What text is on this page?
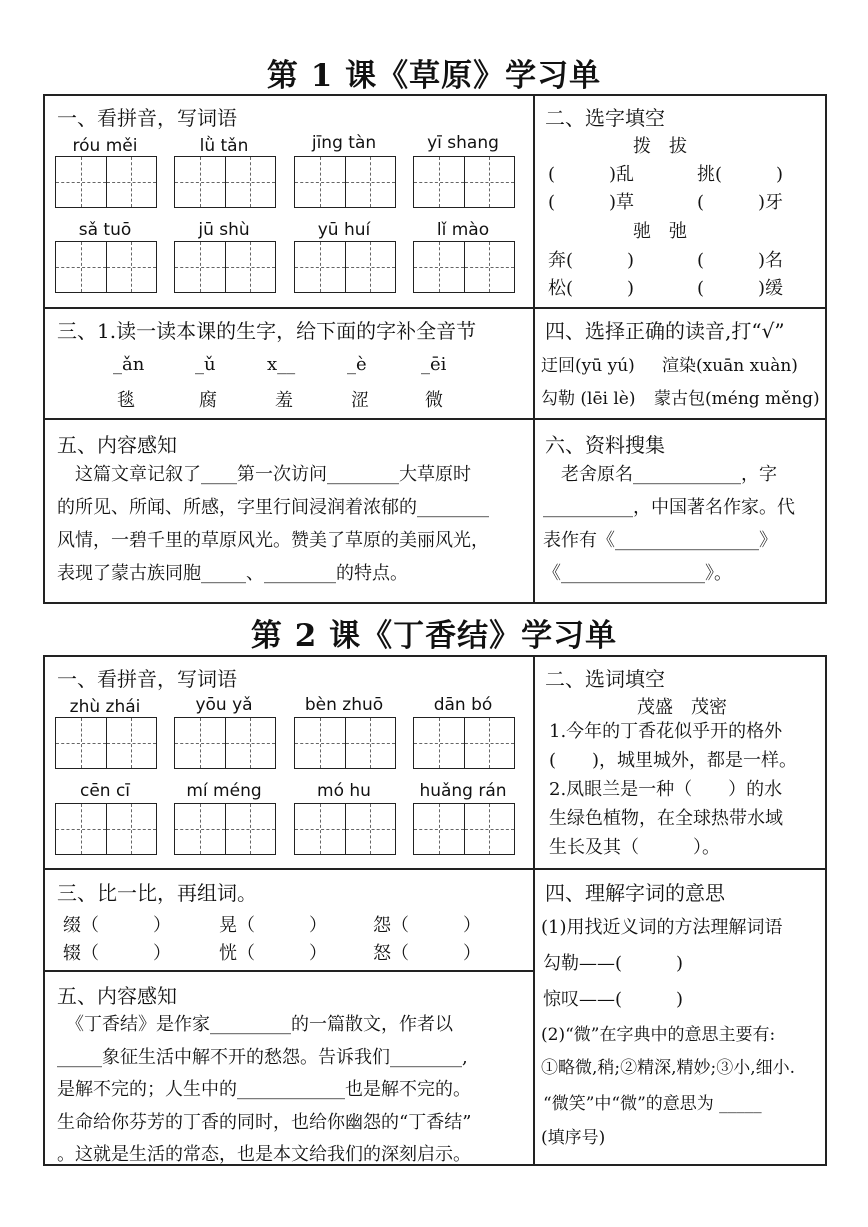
第 1 课《草原》学习单
一、看拼音，写词语
róu měi	lǜ tǎn	jīng tàn	yī shang
sǎ tuō	jū shù	yū huí	lǐ mào
二、选字填空
拨　拔
(　　　)乱	挑(　　　)
(　　　)草	(　　　)牙
驰　弛
奔(　　　)	(　　　)名
松(　　　)	(　　　)缓
三、1.读一读本课的生字，给下面的字补全音节
_ǎn	_ǔ	x__	_è	_ēi
毯	腐	羞	涩	微
四、选择正确的读音,打“√”
迂回(yū yú) 渲染(xuān xuàn)
勾勒 (lēi lè) 蒙古包(méng měng)
五、内容感知
　这篇文章记叙了____第一次访问________大草原时
的所见、所闻、所感，字里行间浸润着浓郁的________
风情，一碧千里的草原风光。赞美了草原的美丽风光，
表现了蒙古族同胞_____、________的特点。
六、资料搜集
　老舍原名____________，字
__________，中国著名作家。代
表作有《________________》
《________________》。
第 2 课《丁香结》学习单
一、看拼音，写词语
zhù zhái	yōu yǎ	bèn zhuō	dān bó
cēn cī	mí méng	mó hu	huǎng rán
二、选词填空
茂盛　茂密
1.今年的丁香花似乎开的格外
(　　)，城里城外，都是一样。
2.凤眼兰是一种（　　）的水
生绿色植物，在全球热带水域
生长及其（　　　）。
三、比一比，再组词。
缀（　　　）	晃（　　　）	怨（　　　）
辍（　　　）	恍（　　　）	怒（　　　）
四、理解字词的意思
(1)用找近义词的方法理解词语
勾勒——(　　　)
惊叹——(　　　)
(2)“微”在字典中的意思主要有:
①略微,稍;②精深,精妙;③小,细小.
“微笑”中“微”的意思为 _____
(填序号)
五、内容感知
　《丁香结》是作家_________的一篇散文，作者以
_____象征生活中解不开的愁怨。告诉我们________,
是解不完的；人生中的____________也是解不完的。
生命给你芬芳的丁香的同时，也给你幽怨的“丁香结”
。这就是生活的常态，也是本文给我们的深刻启示。
